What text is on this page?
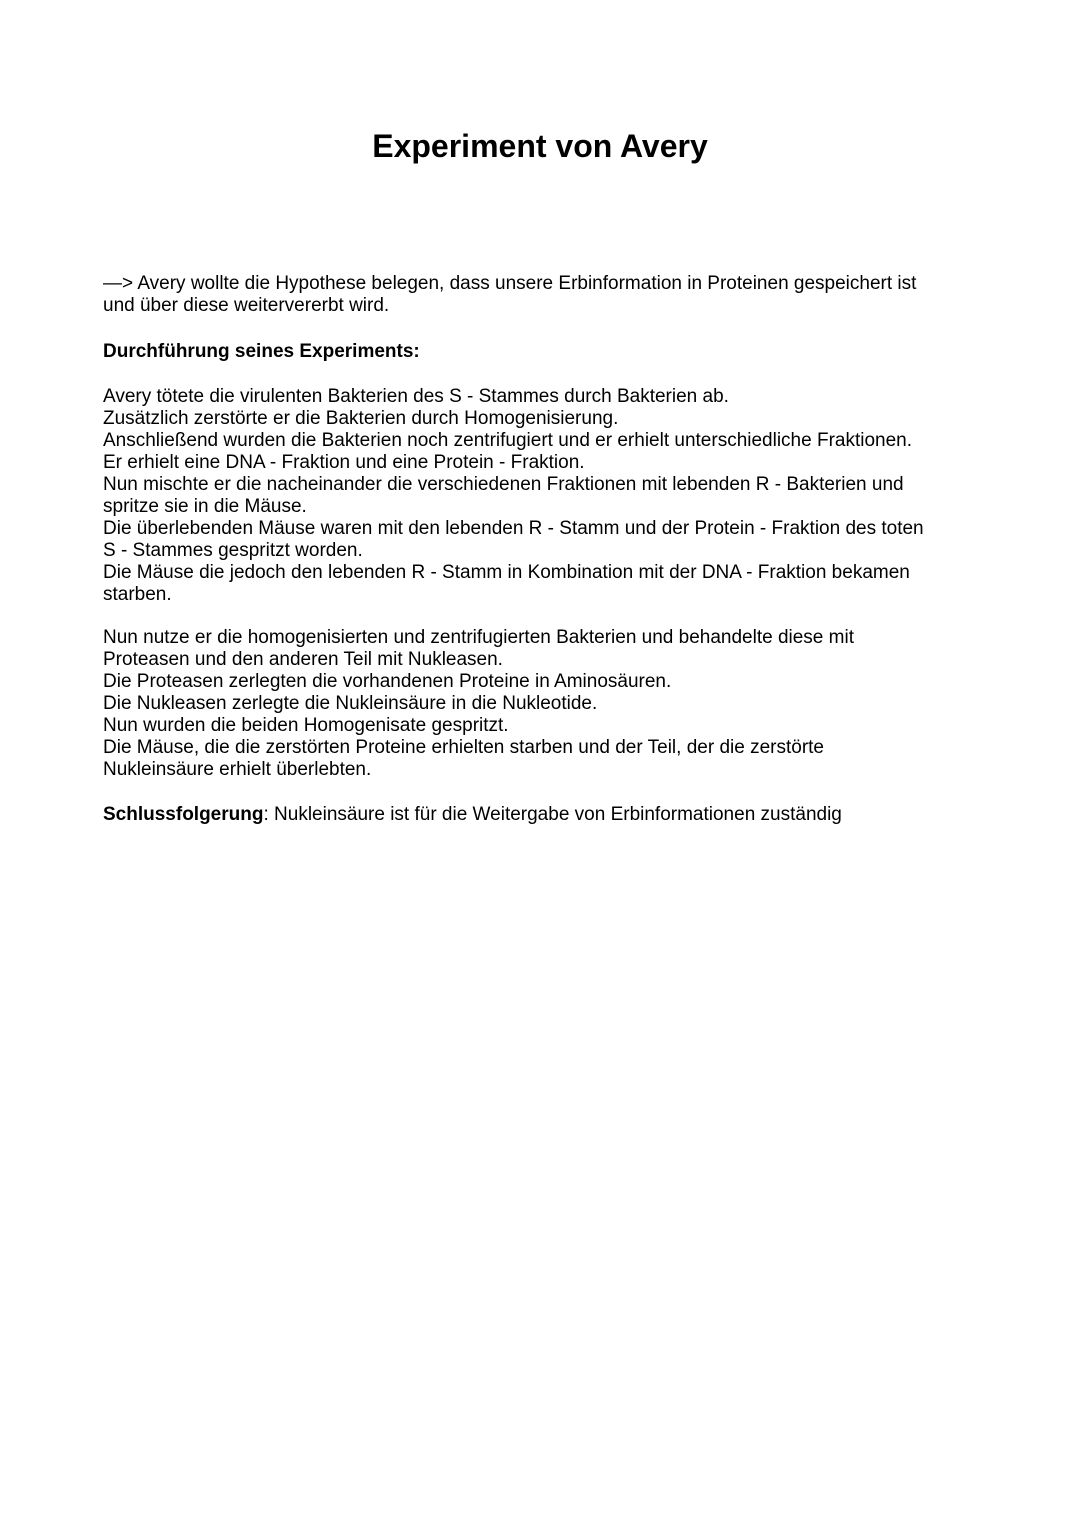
Experiment von Avery
—> Avery wollte die Hypothese belegen, dass unsere Erbinformation in Proteinen gespeichert ist
und über diese weitervererbt wird.
Durchführung seines Experiments:
Avery tötete die virulenten Bakterien des S - Stammes durch Bakterien ab.
Zusätzlich zerstörte er die Bakterien durch Homogenisierung.
Anschließend wurden die Bakterien noch zentrifugiert und er erhielt unterschiedliche Fraktionen.
Er erhielt eine DNA - Fraktion und eine Protein - Fraktion.
Nun mischte er die nacheinander die verschiedenen Fraktionen mit lebenden R - Bakterien und
spritze sie in die Mäuse.
Die überlebenden Mäuse waren mit den lebenden R - Stamm und der Protein - Fraktion des toten
S - Stammes gespritzt worden.
Die Mäuse die jedoch den lebenden R - Stamm in Kombination mit der DNA - Fraktion bekamen
starben.
Nun nutze er die homogenisierten und zentrifugierten Bakterien und behandelte diese mit
Proteasen und den anderen Teil mit Nukleasen.
Die Proteasen zerlegten die vorhandenen Proteine in Aminosäuren.
Die Nukleasen zerlegte die Nukleinsäure in die Nukleotide.
Nun wurden die beiden Homogenisate gespritzt.
Die Mäuse, die die zerstörten Proteine erhielten starben und der Teil, der die zerstörte
Nukleinsäure erhielt überlebten.
Schlussfolgerung: Nukleinsäure ist für die Weitergabe von Erbinformationen zuständig
